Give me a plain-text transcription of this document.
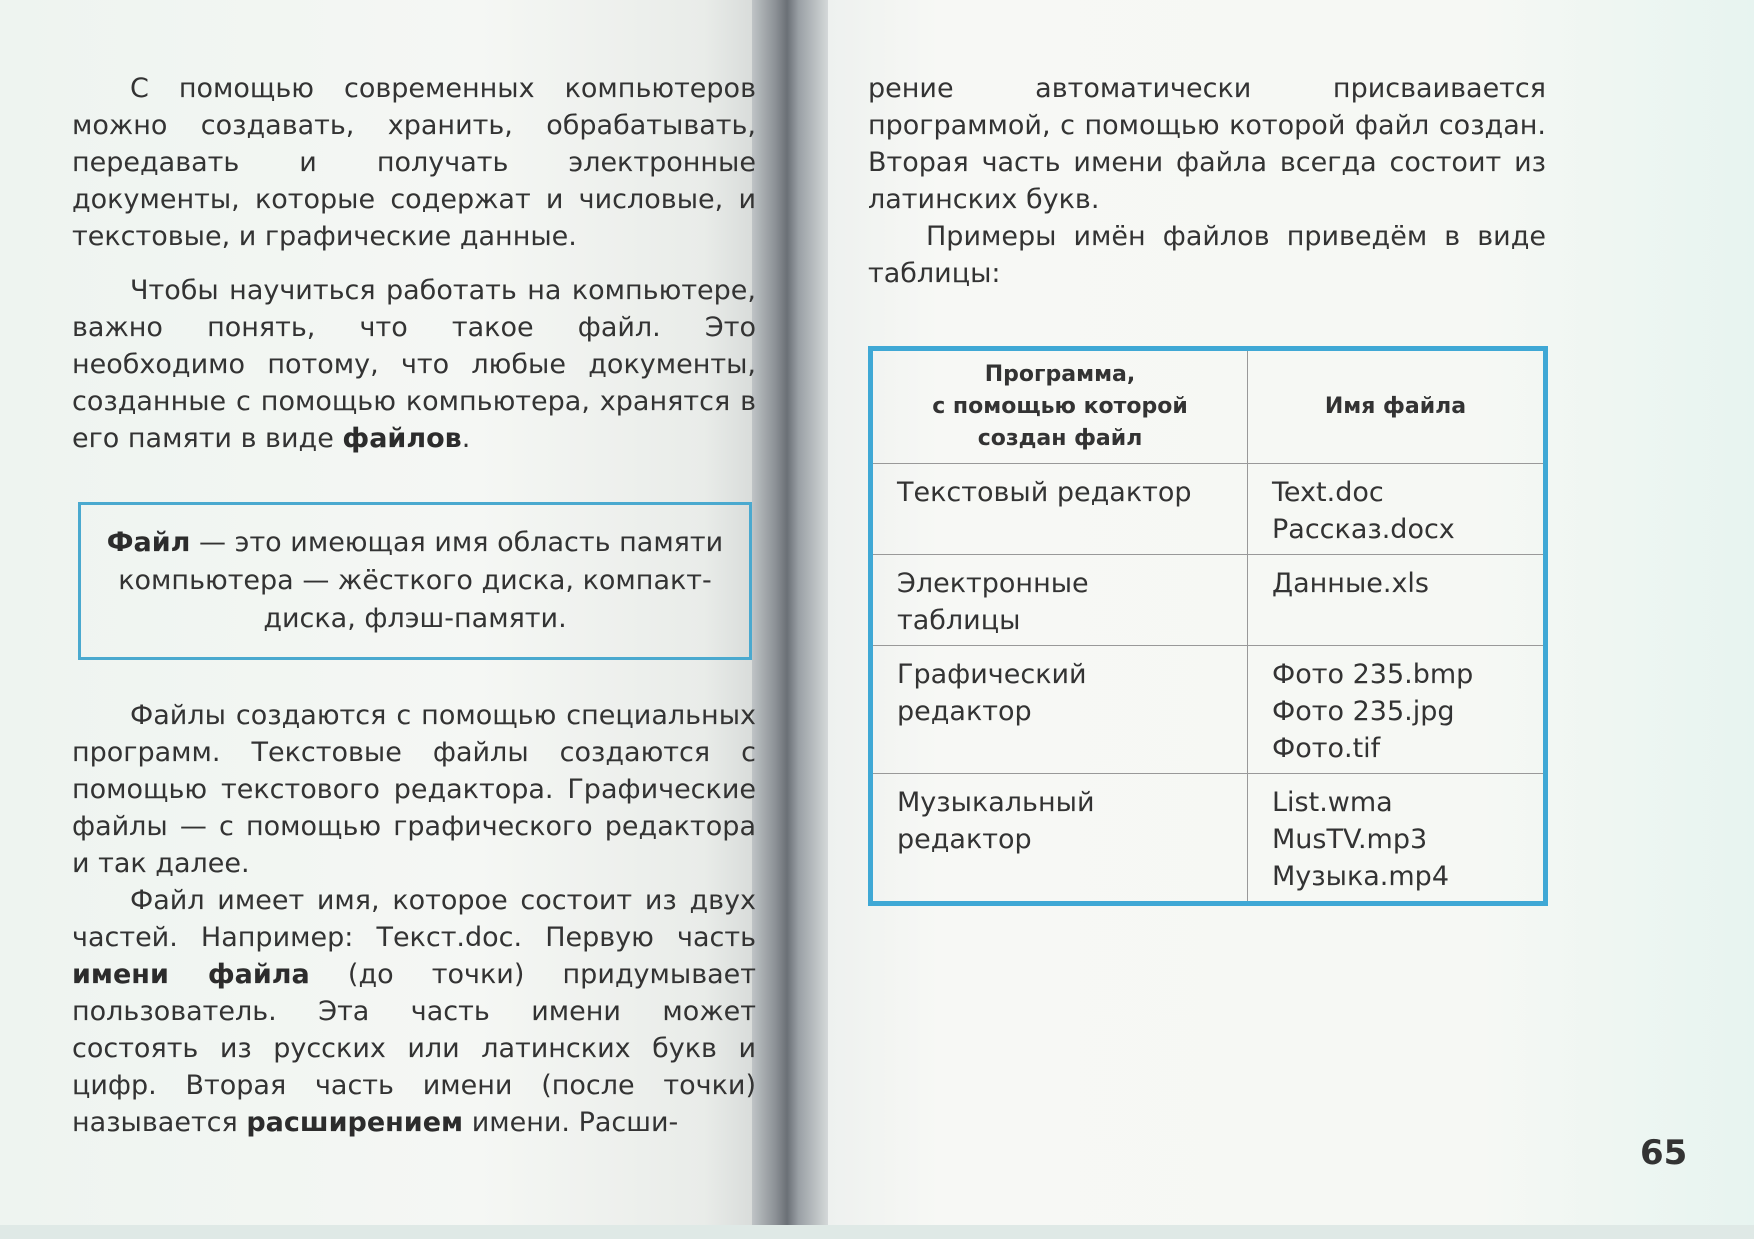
С помощью современных компьютеров можно создавать, хранить, обрабатывать, передавать и получать электронные документы, которые содержат и числовые, и текстовые, и графические данные.

Чтобы научиться работать на компьютере, важно понять, что такое файл. Это необходимо потому, что любые документы, созданные с помощью компьютера, хранятся в его памяти в виде файлов.

Файл — это имеющая имя область памяти компьютера — жёсткого диска, компакт-диска, флэш-памяти.

Файлы создаются с помощью специальных программ. Текстовые файлы создаются с помощью текстового редактора. Графические файлы — с помощью графического редактора и так далее.

Файл имеет имя, которое состоит из двух частей. Например: Текст.doc. Первую часть имени файла (до точки) придумывает пользователь. Эта часть имени может состоять из русских или латинских букв и цифр. Вторая часть имени (после точки) называется расширением имени. Расши-

рение автоматически присваивается программой, с помощью которой файл создан. Вторая часть имени файла всегда состоит из латинских букв.

Примеры имён файлов приведём в виде таблицы:

Программа,
с помощью которой
создан файл	Имя файла

Текстовый редактор	Text.doc
Рассказ.docx

Электронные
таблицы	Данные.xls

Графический
редактор	Фото 235.bmp
Фото 235.jpg
Фото.tif

Музыкальный
редактор	List.wma
MusTV.mp3
Музыка.mp4
65
